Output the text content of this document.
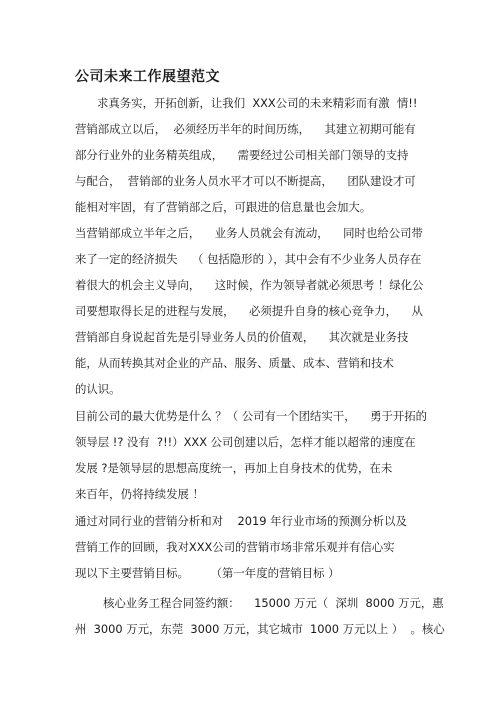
公司未来工作展望范文
求真务实，开拓创新，让我们  XXX公司的未来精彩而有激  情!!
营销部成立以后，  必须经历半年的时间历练，    其建立初期可能有
部分行业外的业务精英组成，    需要经过公司相关部门领导的支持
与配合，  营销部的业务人员水平才可以不断提高，    团队建设才可
能相对牢固，有了营销部之后，可跟进的信息量也会加大。
当营销部成立半年之后，    业务人员就会有流动，    同时也给公司带
来了一定的经济损失    （ 包括隐形的 ），其中会有不少业务人员存在
着很大的机会主义导向，    这时候，作为领导者就必须思考 ！绿化公
司要想取得长足的进程与发展，    必须提升自身的核心竞争力，    从
营销部自身说起首先是引导业务人员的价值观，    其次就是业务技
能，从而转换其对企业的产品、服务、质量、成本、营销和技术
的认识。
目前公司的最大优势是什么 ？（ 公司有一个团结实干，    勇于开拓的
领导层 !? 没有  ?!!）XXX 公司创建以后，怎样才能以超常的速度在
发展 ?是领导层的思想高度统一，再加上自身技术的优势，在未
来百年，仍将持续发展 ！
通过对同行业的营销分析和对    2019 年行业市场的预测分析以及
营销工作的回顾，我对XXX公司的营销市场非常乐观并有信心实
现以下主要营销目标。      （第一年度的营销目标 ）
核心业务工程合同签约额：    15000 万元（  深圳  8000 万元，惠
州  3000 万元，东莞  3000 万元，其它城市  1000 万元以上 ）  。核心
